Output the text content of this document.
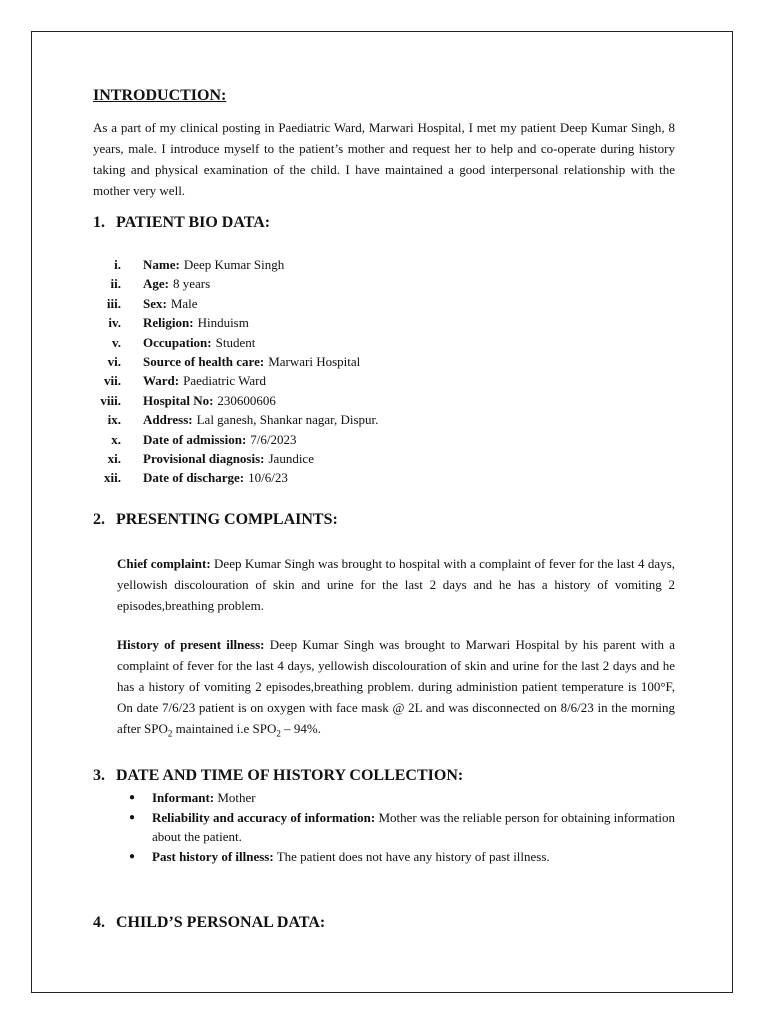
INTRODUCTION:

As a part of my clinical posting in Paediatric Ward, Marwari Hospital, I met my patient Deep Kumar Singh, 8 years, male. I introduce myself to the patient’s mother and request her to help and co-operate during history taking and physical examination of the child. I have maintained a good interpersonal relationship with the mother very well.

1. PATIENT BIO DATA:
i. Name: Deep Kumar Singh
ii. Age: 8 years
iii. Sex: Male
iv. Religion: Hinduism
v. Occupation: Student
vi. Source of health care: Marwari Hospital
vii. Ward: Paediatric Ward
viii. Hospital No: 230600606
ix. Address: Lal ganesh, Shankar nagar, Dispur.
x. Date of admission: 7/6/2023
xi. Provisional diagnosis: Jaundice
xii. Date of discharge: 10/6/23
2. PRESENTING COMPLAINTS:

Chief complaint: Deep Kumar Singh was brought to hospital with a complaint of fever for the last 4 days, yellowish discolouration of skin and urine for the last 2 days and he has a history of vomiting 2 episodes,breathing problem.

History of present illness: Deep Kumar Singh was brought to Marwari Hospital by his parent with a complaint of fever for the last 4 days, yellowish discolouration of skin and urine for the last 2 days and he has a history of vomiting 2 episodes,breathing problem. during administion patient temperature is 100°F, On date 7/6/23 patient is on oxygen with face mask @ 2L and was disconnected on 8/6/23 in the morning after $SPO_2$ maintained i.e $SPO_2 - 94\%$.

3. DATE AND TIME OF HISTORY COLLECTION:
●	Informant: Mother
●	Reliability and accuracy of information: Mother was the reliable person for obtaining information about the patient.
●	Past history of illness: The patient does not have any history of past illness.
4. CHILD’S PERSONAL DATA:
